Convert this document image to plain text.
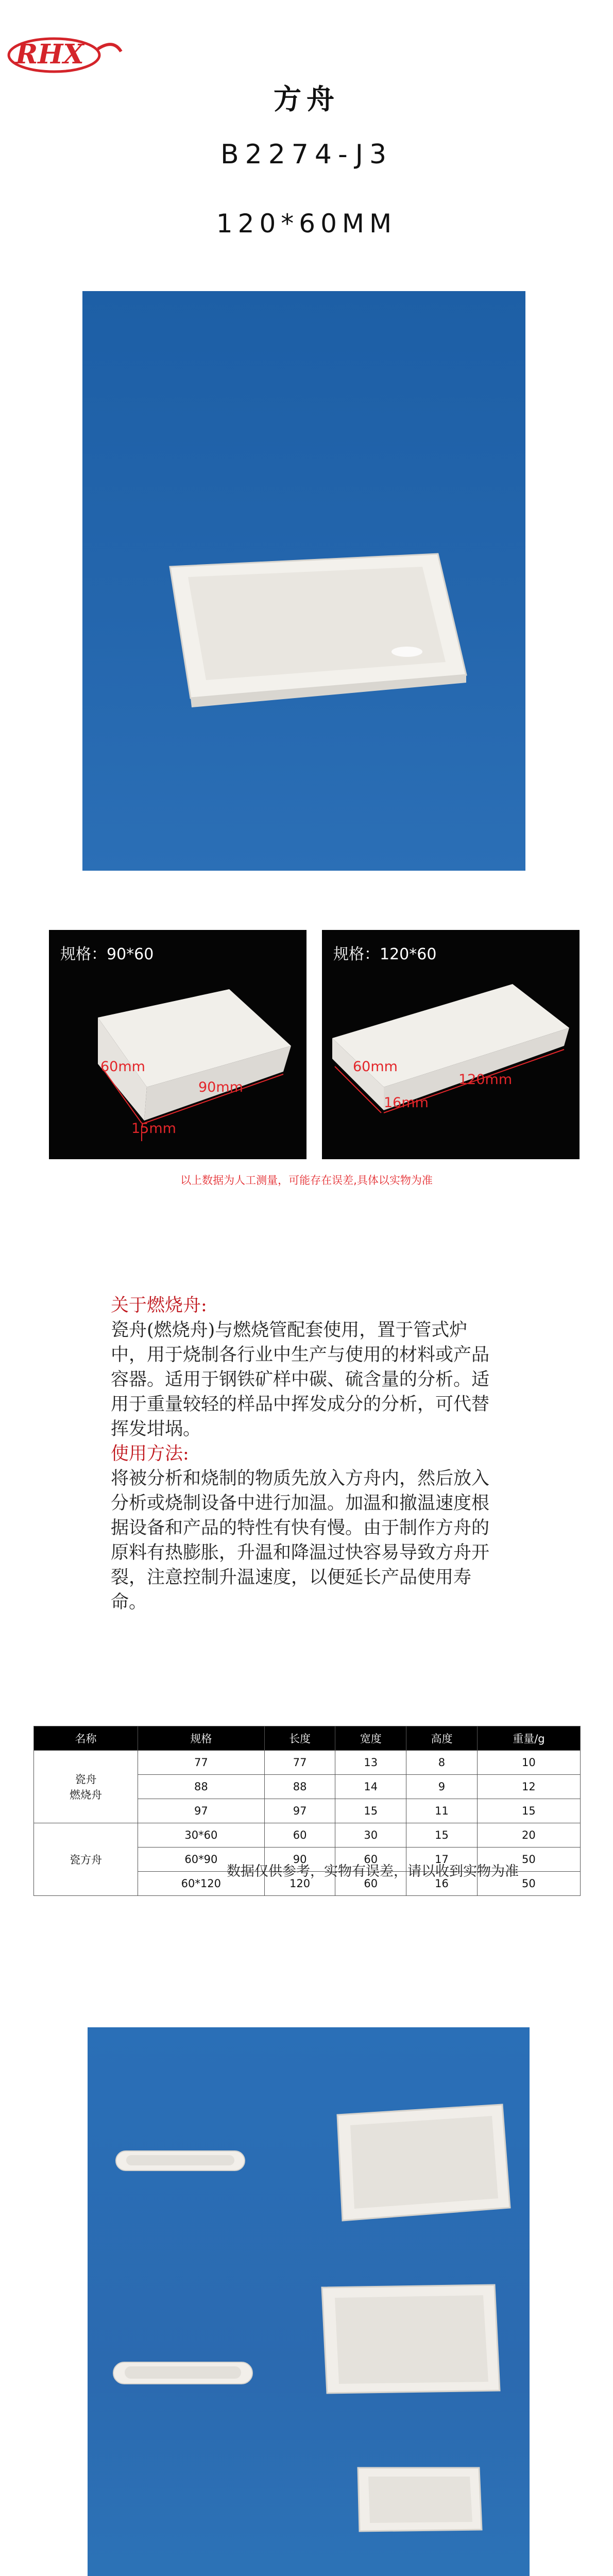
RHX
方舟
B2274-J3
120*60MM
规格：90*60
60mm
90mm
15mm
规格：120*60
60mm
120mm
16mm
以上数据为人工测量，可能存在误差,具体以实物为准
关于燃烧舟:

瓷舟(燃烧舟)与燃烧管配套使用，置于管式炉中，用于烧制各行业中生产与使用的材料或产品容器。适用于钢铁矿样中碳、硫含量的分析。适用于重量较轻的样品中挥发成分的分析，可代替挥发坩埚。

使用方法:

将被分析和烧制的物质先放入方舟内，然后放入分析或烧制设备中进行加温。加温和撤温速度根据设备和产品的特性有快有慢。由于制作方舟的原料有热膨胀，升温和降温过快容易导致方舟开裂，注意控制升温速度，以便延长产品使用寿命。

名称	规格	长度	宽度	高度	重量/g
瓷舟
燃烧舟	77	77	13	8	10
	88	88	14	9	12
	97	97	15	11	15
瓷方舟	30*60	60	30	15	20
	60*90	90	60	17	50
	60*120	120	60	16	50
数据仅供参考，实物有误差，请以收到实物为准
